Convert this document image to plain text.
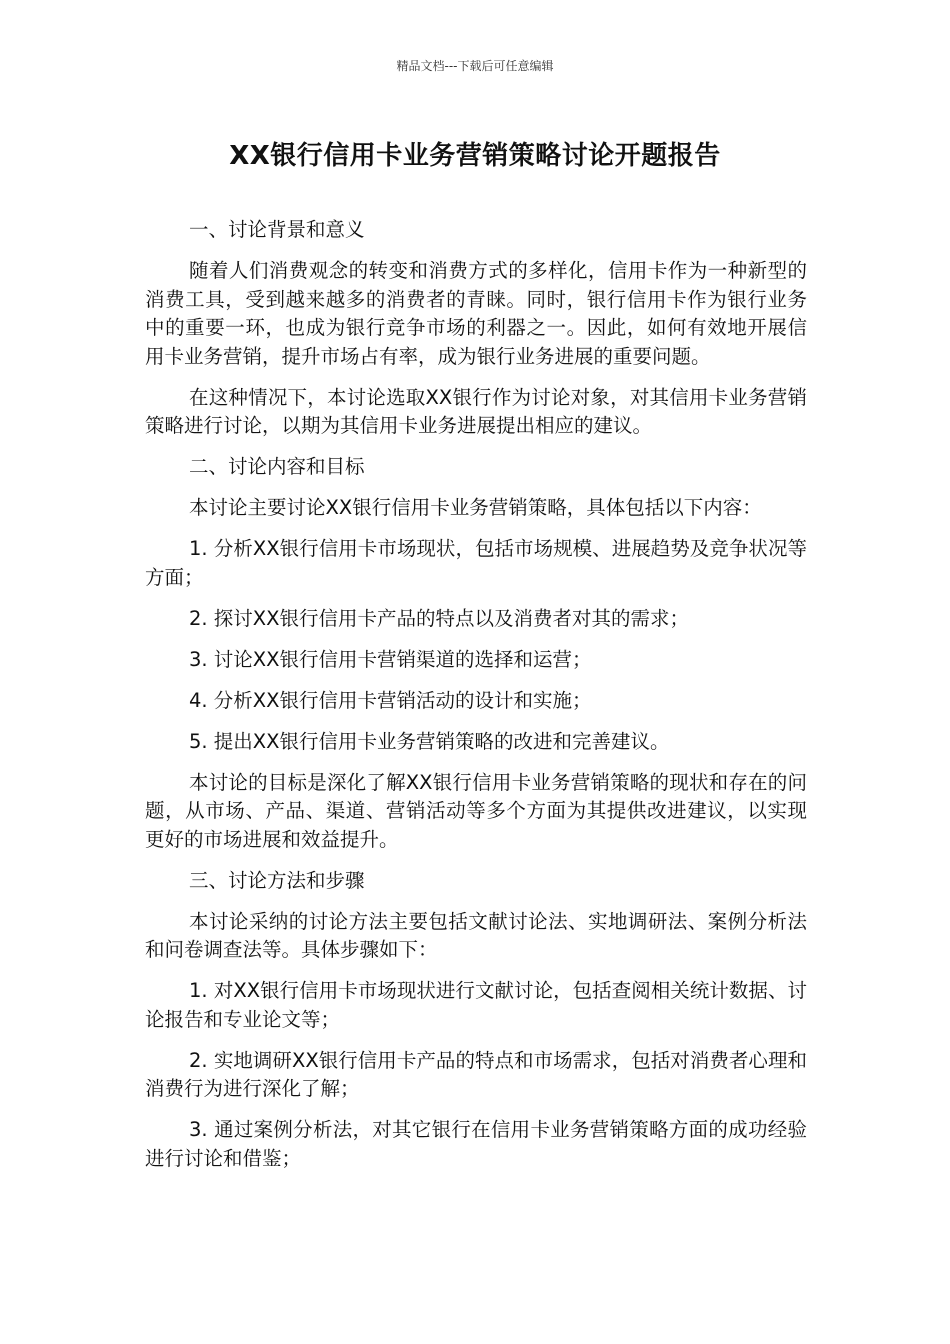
精品文档---下载后可任意编辑
XX银行信用卡业务营销策略讨论开题报告

一、讨论背景和意义

随着人们消费观念的转变和消费方式的多样化，信用卡作为一种新型的消费工具，受到越来越多的消费者的青睐。同时，银行信用卡作为银行业务中的重要一环，也成为银行竞争市场的利器之一。因此，如何有效地开展信用卡业务营销，提升市场占有率，成为银行业务进展的重要问题。

在这种情况下，本讨论选取XX银行作为讨论对象，对其信用卡业务营销策略进行讨论，以期为其信用卡业务进展提出相应的建议。

二、讨论内容和目标

本讨论主要讨论XX银行信用卡业务营销策略，具体包括以下内容：

1. 分析XX银行信用卡市场现状，包括市场规模、进展趋势及竞争状况等方面；

2. 探讨XX银行信用卡产品的特点以及消费者对其的需求；

3. 讨论XX银行信用卡营销渠道的选择和运营；

4. 分析XX银行信用卡营销活动的设计和实施；

5. 提出XX银行信用卡业务营销策略的改进和完善建议。

本讨论的目标是深化了解XX银行信用卡业务营销策略的现状和存在的问题，从市场、产品、渠道、营销活动等多个方面为其提供改进建议，以实现更好的市场进展和效益提升。

三、讨论方法和步骤

本讨论采纳的讨论方法主要包括文献讨论法、实地调研法、案例分析法和问卷调查法等。具体步骤如下：

1. 对XX银行信用卡市场现状进行文献讨论，包括查阅相关统计数据、讨论报告和专业论文等；

2. 实地调研XX银行信用卡产品的特点和市场需求，包括对消费者心理和消费行为进行深化了解；

3. 通过案例分析法，对其它银行在信用卡业务营销策略方面的成功经验进行讨论和借鉴；
